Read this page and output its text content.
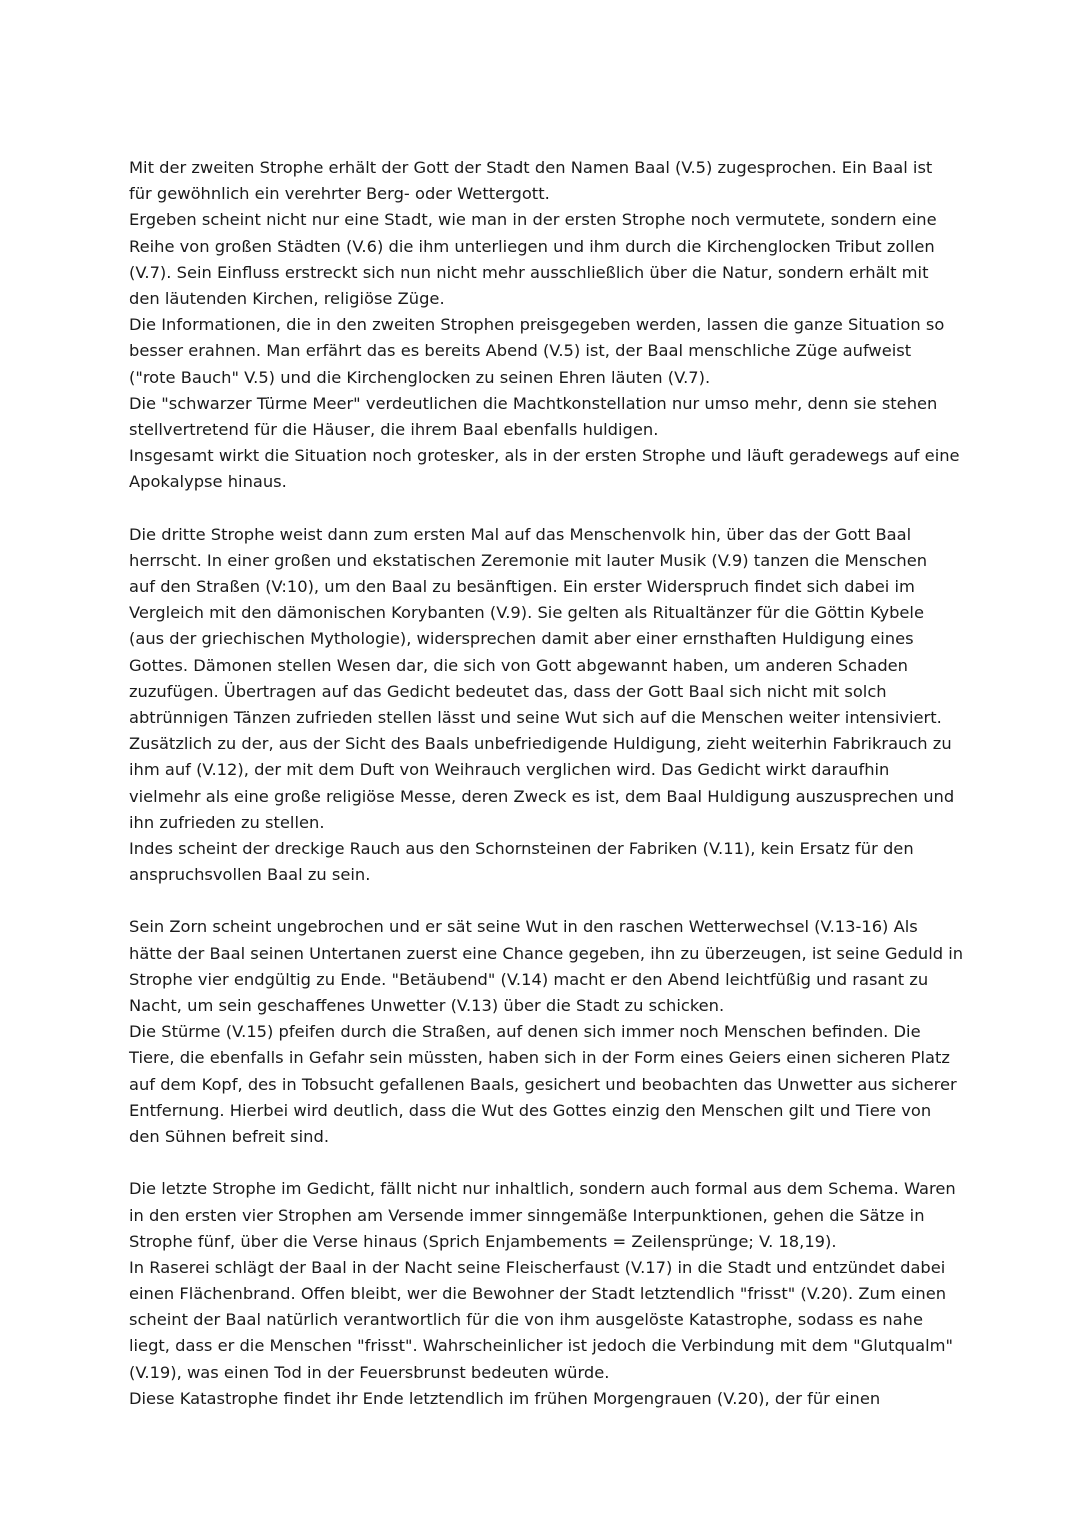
Mit der zweiten Strophe erhält der Gott der Stadt den Namen Baal (V.5) zugesprochen. Ein Baal ist
für gewöhnlich ein verehrter Berg- oder Wettergott.
Ergeben scheint nicht nur eine Stadt, wie man in der ersten Strophe noch vermutete, sondern eine
Reihe von großen Städten (V.6) die ihm unterliegen und ihm durch die Kirchenglocken Tribut zollen
(V.7). Sein Einfluss erstreckt sich nun nicht mehr ausschließlich über die Natur, sondern erhält mit
den läutenden Kirchen, religiöse Züge.
Die Informationen, die in den zweiten Strophen preisgegeben werden, lassen die ganze Situation so
besser erahnen. Man erfährt das es bereits Abend (V.5) ist, der Baal menschliche Züge aufweist
("rote Bauch" V.5) und die Kirchenglocken zu seinen Ehren läuten (V.7).
Die "schwarzer Türme Meer" verdeutlichen die Machtkonstellation nur umso mehr, denn sie stehen
stellvertretend für die Häuser, die ihrem Baal ebenfalls huldigen.
Insgesamt wirkt die Situation noch grotesker, als in der ersten Strophe und läuft geradewegs auf eine
Apokalypse hinaus.
Die dritte Strophe weist dann zum ersten Mal auf das Menschenvolk hin, über das der Gott Baal
herrscht. In einer großen und ekstatischen Zeremonie mit lauter Musik (V.9) tanzen die Menschen
auf den Straßen (V:10), um den Baal zu besänftigen. Ein erster Widerspruch findet sich dabei im
Vergleich mit den dämonischen Korybanten (V.9). Sie gelten als Ritualtänzer für die Göttin Kybele
(aus der griechischen Mythologie), widersprechen damit aber einer ernsthaften Huldigung eines
Gottes. Dämonen stellen Wesen dar, die sich von Gott abgewannt haben, um anderen Schaden
zuzufügen. Übertragen auf das Gedicht bedeutet das, dass der Gott Baal sich nicht mit solch
abtrünnigen Tänzen zufrieden stellen lässt und seine Wut sich auf die Menschen weiter intensiviert.
Zusätzlich zu der, aus der Sicht des Baals unbefriedigende Huldigung, zieht weiterhin Fabrikrauch zu
ihm auf (V.12), der mit dem Duft von Weihrauch verglichen wird. Das Gedicht wirkt daraufhin
vielmehr als eine große religiöse Messe, deren Zweck es ist, dem Baal Huldigung auszusprechen und
ihn zufrieden zu stellen.
Indes scheint der dreckige Rauch aus den Schornsteinen der Fabriken (V.11), kein Ersatz für den
anspruchsvollen Baal zu sein.
Sein Zorn scheint ungebrochen und er sät seine Wut in den raschen Wetterwechsel (V.13-16) Als
hätte der Baal seinen Untertanen zuerst eine Chance gegeben, ihn zu überzeugen, ist seine Geduld in
Strophe vier endgültig zu Ende. "Betäubend" (V.14) macht er den Abend leichtfüßig und rasant zu
Nacht, um sein geschaffenes Unwetter (V.13) über die Stadt zu schicken.
Die Stürme (V.15) pfeifen durch die Straßen, auf denen sich immer noch Menschen befinden. Die
Tiere, die ebenfalls in Gefahr sein müssten, haben sich in der Form eines Geiers einen sicheren Platz
auf dem Kopf, des in Tobsucht gefallenen Baals, gesichert und beobachten das Unwetter aus sicherer
Entfernung. Hierbei wird deutlich, dass die Wut des Gottes einzig den Menschen gilt und Tiere von
den Sühnen befreit sind.
Die letzte Strophe im Gedicht, fällt nicht nur inhaltlich, sondern auch formal aus dem Schema. Waren
in den ersten vier Strophen am Versende immer sinngemäße Interpunktionen, gehen die Sätze in
Strophe fünf, über die Verse hinaus (Sprich Enjambements = Zeilensprünge; V. 18,19).
In Raserei schlägt der Baal in der Nacht seine Fleischerfaust (V.17) in die Stadt und entzündet dabei
einen Flächenbrand. Offen bleibt, wer die Bewohner der Stadt letztendlich "frisst" (V.20). Zum einen
scheint der Baal natürlich verantwortlich für die von ihm ausgelöste Katastrophe, sodass es nahe
liegt, dass er die Menschen "frisst". Wahrscheinlicher ist jedoch die Verbindung mit dem "Glutqualm"
(V.19), was einen Tod in der Feuersbrunst bedeuten würde.
Diese Katastrophe findet ihr Ende letztendlich im frühen Morgengrauen (V.20), der für einen
